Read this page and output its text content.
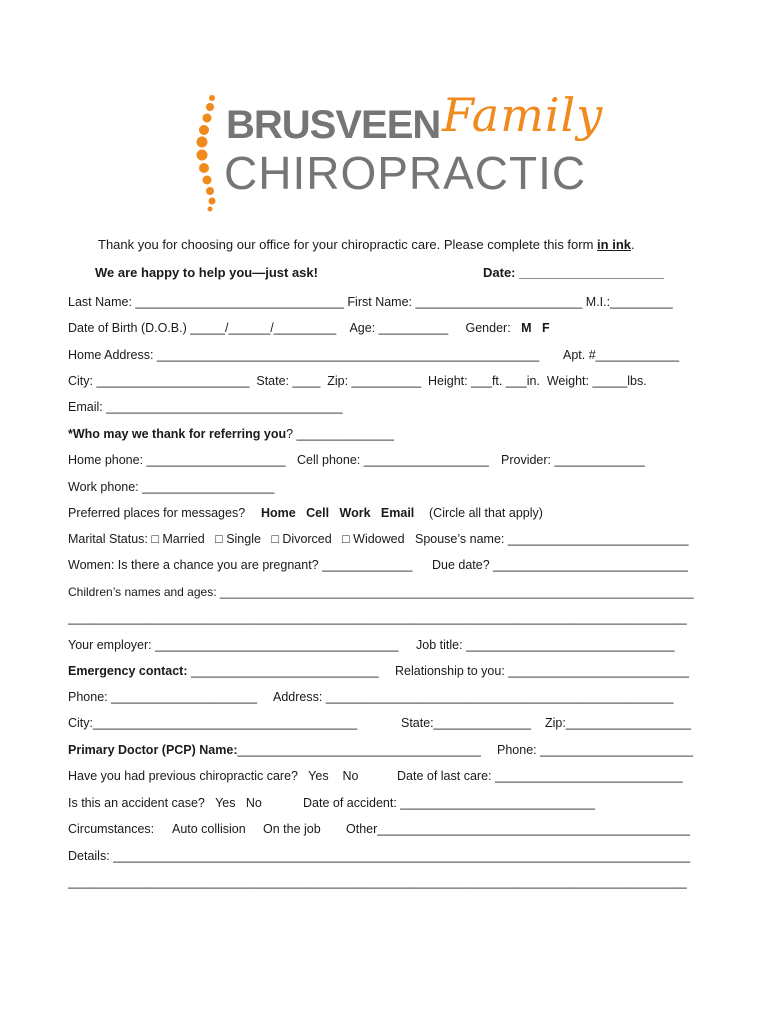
BRUSVEEN Family
CHIROPRACTIC
Thank you for choosing our office for your chiropractic care. Please complete this form in ink.
We are happy to help you—just ask!	Date: ____________________
Last Name: ______________________________ First Name: ________________________ M.I.:_________
Date of Birth (D.O.B.) _____/______/_________    Age: __________     Gender:   M   F
Home Address: _______________________________________________________ Apt. #____________
City: ______________________  State: ____  Zip: __________  Height: ___ft. ___in.  Weight: _____lbs.
Email: __________________________________
*Who may we thank for referring you? ______________
Home phone: ____________________ Cell phone: __________________ Provider: _____________
Work phone: ___________________
Preferred places for messages? Home   Cell   Work   Email (Circle all that apply)
Marital Status: □ Married   □ Single   □ Divorced   □ Widowed   Spouse’s name: __________________________
Women: Is there a chance you are pregnant? _____________ Due date? ____________________________
Children’s names and ages: _______________________________________________________________________
_________________________________________________________________________________________
Your employer: ___________________________________ Job title: ______________________________
Emergency contact: ___________________________ Relationship to you: __________________________
Phone: _____________________ Address: __________________________________________________
City:______________________________________	State:______________ Zip:__________________
Primary Doctor (PCP) Name:___________________________________ Phone: ______________________
Have you had previous chiropractic care?   Yes    No	Date of last care: ___________________________
Is this an accident case?   Yes   No	Date of accident: ____________________________
Circumstances: Auto collision On the job Other_____________________________________________
Details: ___________________________________________________________________________________
_________________________________________________________________________________________
